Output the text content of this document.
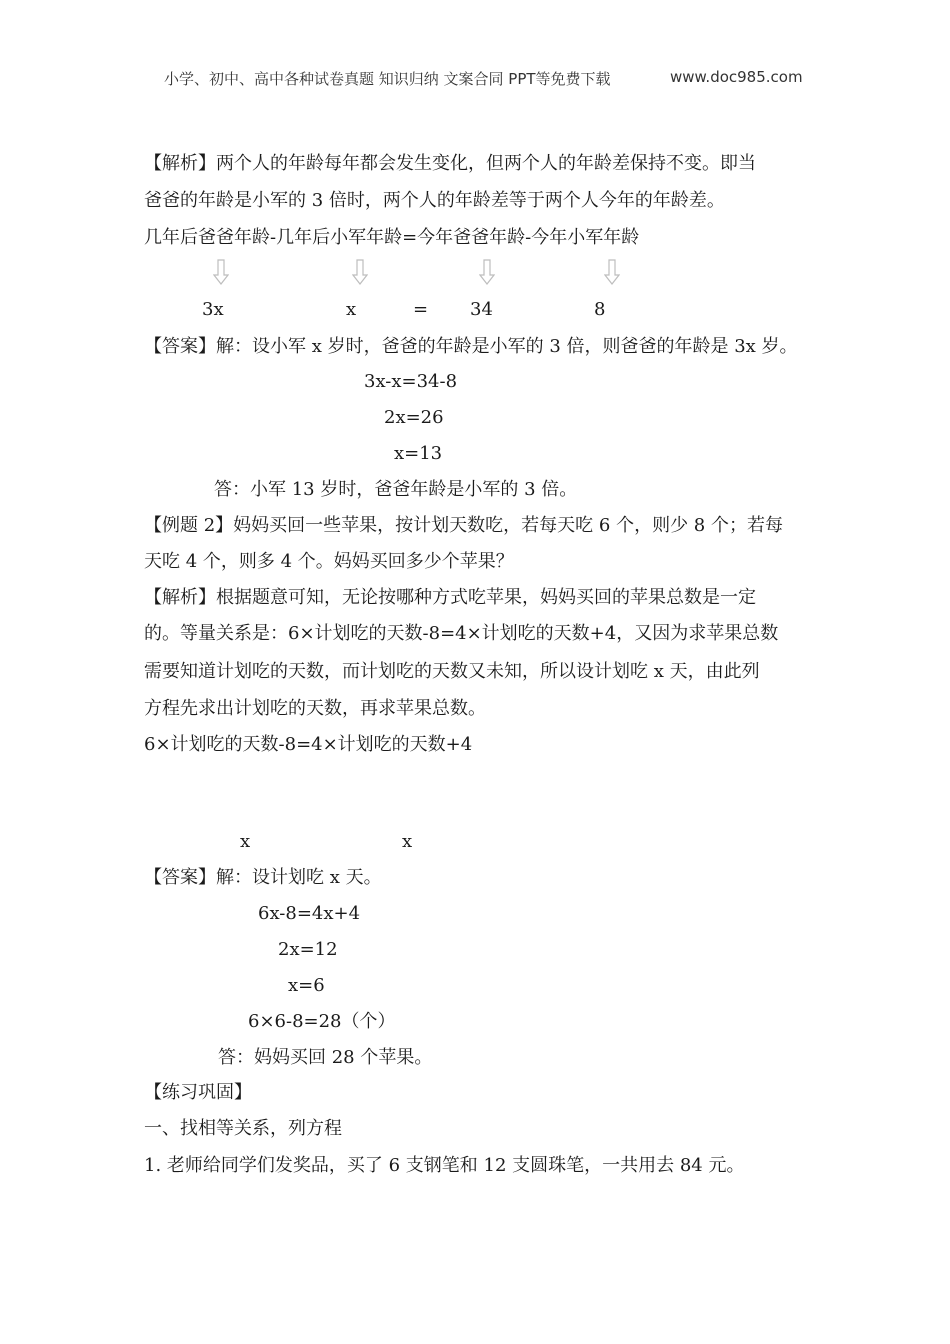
小学、初中、高中各种试卷真题 知识归纳 文案合同 PPT等免费下载	www.doc985.com
【解析】两个人的年龄每年都会发生变化，但两个人的年龄差保持不变。即当
爸爸的年龄是小军的 3 倍时，两个人的年龄差等于两个人今年的年龄差。
几年后爸爸年龄-几年后小军年龄=今年爸爸年龄-今年小军年龄
3x	x	= 34	8
【答案】解：设小军 x 岁时，爸爸的年龄是小军的 3 倍，则爸爸的年龄是 3x 岁。
3x-x=34-8
2x=26
x=13
答：小军 13 岁时，爸爸年龄是小军的 3 倍。
【例题 2】妈妈买回一些苹果，按计划天数吃，若每天吃 6 个，则少 8 个；若每
天吃 4 个，则多 4 个。妈妈买回多少个苹果？
【解析】根据题意可知，无论按哪种方式吃苹果，妈妈买回的苹果总数是一定
的。等量关系是：6×计划吃的天数-8=4×计划吃的天数+4，又因为求苹果总数
需要知道计划吃的天数，而计划吃的天数又未知，所以设计划吃 x 天，由此列
方程先求出计划吃的天数，再求苹果总数。
6×计划吃的天数-8=4×计划吃的天数+4
x	x
【答案】解：设计划吃 x 天。
6x-8=4x+4
2x=12
x=6
6×6-8=28（个）
答：妈妈买回 28 个苹果。
【练习巩固】
一、找相等关系，列方程
1. 老师给同学们发奖品，买了 6 支钢笔和 12 支圆珠笔，一共用去 84 元。
